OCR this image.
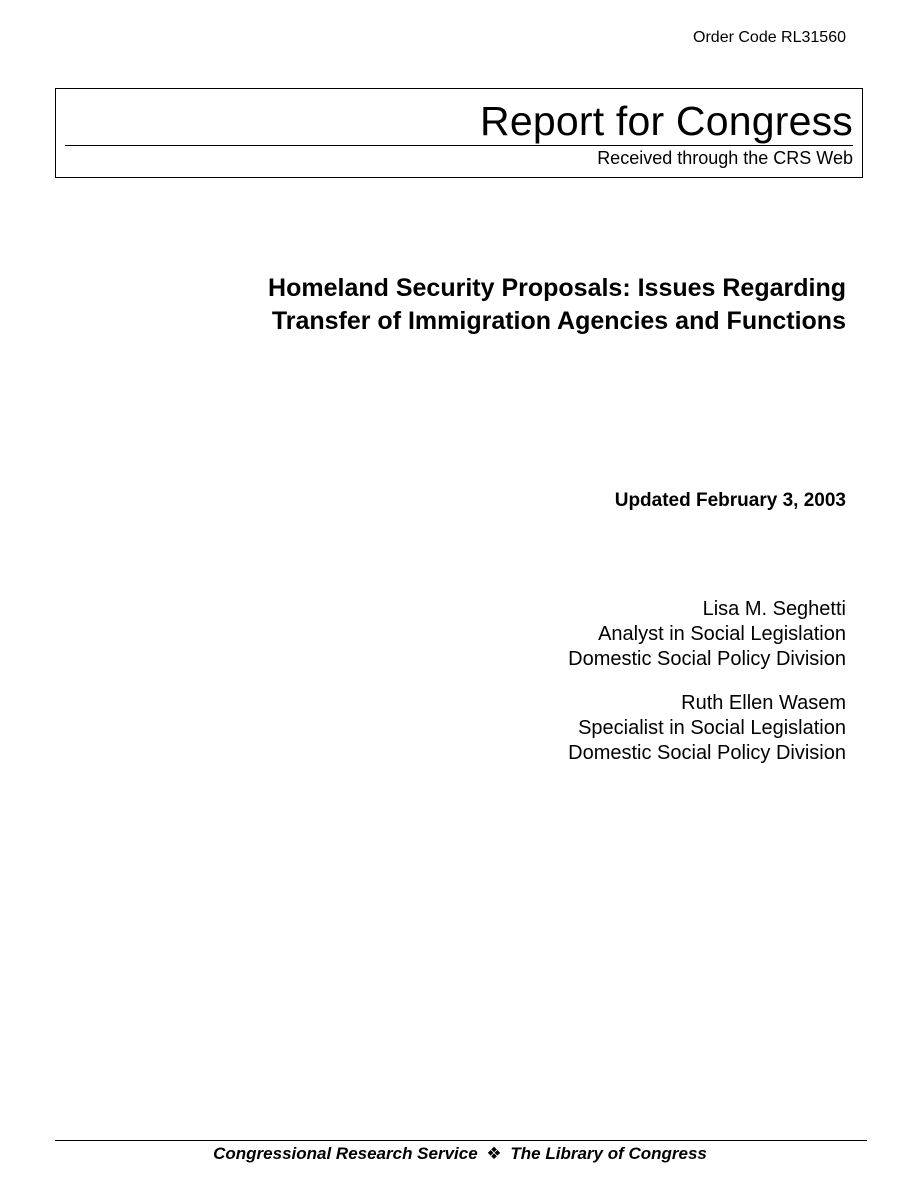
Order Code RL31560
Report for Congress
Received through the CRS Web
Homeland Security Proposals: Issues Regarding
Transfer of Immigration Agencies and Functions
Updated February 3, 2003
Lisa M. Seghetti
Analyst in Social Legislation
Domestic Social Policy Division
Ruth Ellen Wasem
Specialist in Social Legislation
Domestic Social Policy Division
Congressional Research Service ❖ The Library of Congress
